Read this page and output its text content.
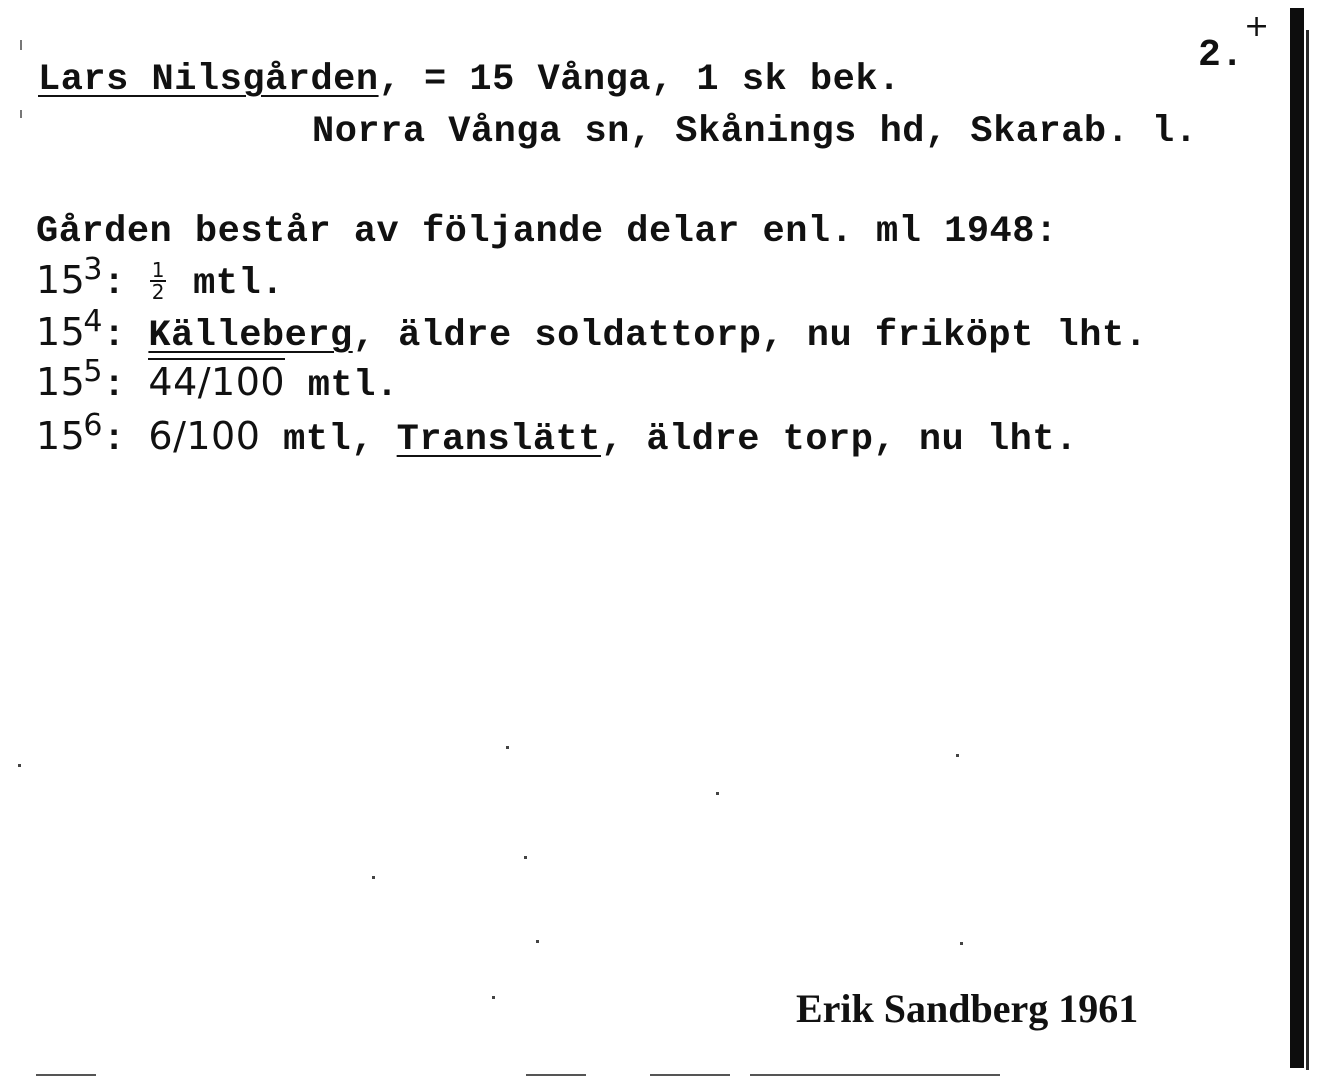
2.
+
Lars Nilsgården, = 15 Vånga, 1 sk bek.
Norra Vånga sn, Skånings hd, Skarab. l.
Gården består av följande delar enl. ml 1948:
$15^3$: $\frac{1}{2}$ mtl.
$15^4$: Källeberg, äldre soldattorp, nu friköpt lht.
$15^5$: 44/100 mtl.
$15^6$: 6/100 mtl, Translätt, äldre torp, nu lht.
Erik Sandberg 1961
